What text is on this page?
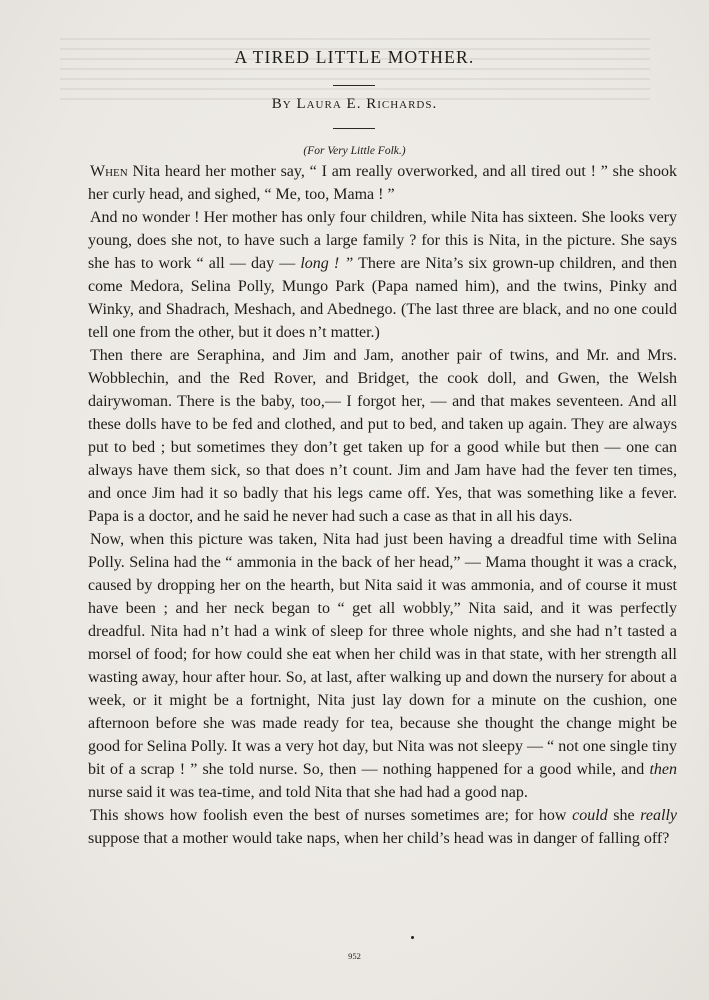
A TIRED LITTLE MOTHER.
By Laura E. Richards.
(For Very Little Folk.)

When Nita heard her mother say, “ I am really overworked, and all tired out ! ” she shook her curly head, and sighed, “ Me, too, Mama ! ”

And no wonder ! Her mother has only four children, while Nita has sixteen. She looks very young, does she not, to have such a large family ? for this is Nita, in the picture. She says she has to work “ all — day — long ! ” There are Nita’s six grown-up children, and then come Medora, Selina Polly, Mungo Park (Papa named him), and the twins, Pinky and Winky, and Shadrach, Meshach, and Abednego. (The last three are black, and no one could tell one from the other, but it does n’t matter.)

Then there are Seraphina, and Jim and Jam, another pair of twins, and Mr. and Mrs. Wobblechin, and the Red Rover, and Bridget, the cook doll, and Gwen, the Welsh dairywoman. There is the baby, too,— I forgot her, — and that makes seventeen. And all these dolls have to be fed and clothed, and put to bed, and taken up again. They are always put to bed ; but sometimes they don’t get taken up for a good while but then — one can always have them sick, so that does n’t count. Jim and Jam have had the fever ten times, and once Jim had it so badly that his legs came off. Yes, that was something like a fever. Papa is a doctor, and he said he never had such a case as that in all his days.

Now, when this picture was taken, Nita had just been having a dreadful time with Selina Polly. Selina had the “ ammonia in the back of her head,” — Mama thought it was a crack, caused by dropping her on the hearth, but Nita said it was ammonia, and of course it must have been ; and her neck began to “ get all wobbly,” Nita said, and it was perfectly dreadful. Nita had n’t had a wink of sleep for three whole nights, and she had n’t tasted a morsel of food; for how could she eat when her child was in that state, with her strength all wasting away, hour after hour. So, at last, after walking up and down the nursery for about a week, or it might be a fortnight, Nita just lay down for a minute on the cushion, one afternoon before she was made ready for tea, because she thought the change might be good for Selina Polly. It was a very hot day, but Nita was not sleepy — “ not one single tiny bit of a scrap ! ” she told nurse. So, then — nothing happened for a good while, and then nurse said it was tea-time, and told Nita that she had had a good nap.

This shows how foolish even the best of nurses sometimes are; for how could she really suppose that a mother would take naps, when her child’s head was in danger of falling off?

952
